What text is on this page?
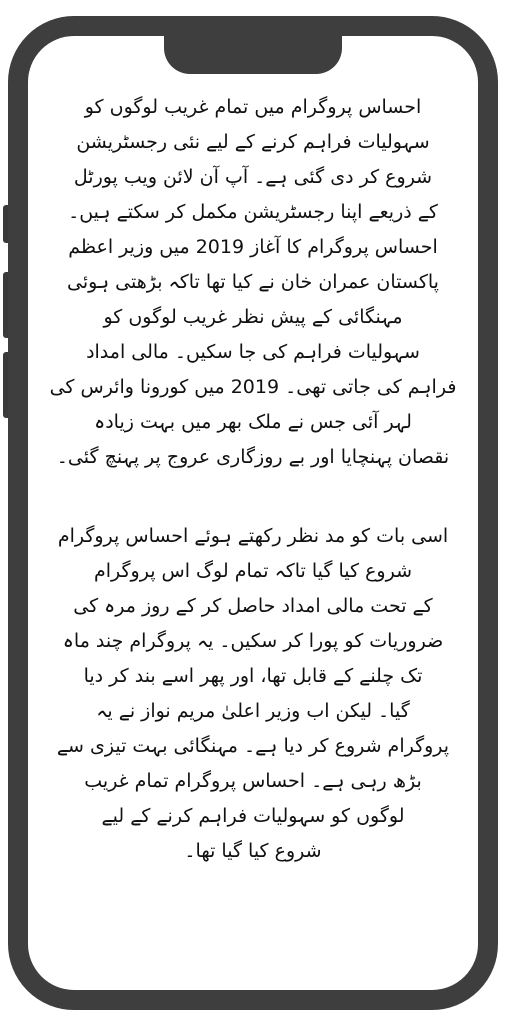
احساس پروگرام میں تمام غریب لوگوں کو
سہولیات فراہم کرنے کے لیے نئی رجسٹریشن
شروع کر دی گئی ہے۔ آپ آن لائن ویب پورٹل
کے ذریعے اپنا رجسٹریشن مکمل کر سکتے ہیں۔
احساس پروگرام کا آغاز 2019 میں وزیر اعظم
پاکستان عمران خان نے کیا تھا تاکہ بڑھتی ہوئی
مہنگائی کے پیش نظر غریب لوگوں کو
سہولیات فراہم کی جا سکیں۔ مالی امداد
فراہم کی جاتی تھی۔ 2019 میں کورونا وائرس کی
لہر آئی جس نے ملک بھر میں بہت زیادہ
نقصان پہنچایا اور بے روزگاری عروج پر پہنچ گئی۔

اسی بات کو مد نظر رکھتے ہوئے احساس پروگرام
شروع کیا گیا تاکہ تمام لوگ اس پروگرام
کے تحت مالی امداد حاصل کر کے روز مرہ کی
ضروریات کو پورا کر سکیں۔ یہ پروگرام چند ماہ
تک چلنے کے قابل تھا، اور پھر اسے بند کر دیا
گیا۔ لیکن اب وزیر اعلیٰ مریم نواز نے یہ
پروگرام شروع کر دیا ہے۔ مہنگائی بہت تیزی سے
بڑھ رہی ہے۔ احساس پروگرام تمام غریب
لوگوں کو سہولیات فراہم کرنے کے لیے
شروع کیا گیا تھا۔
